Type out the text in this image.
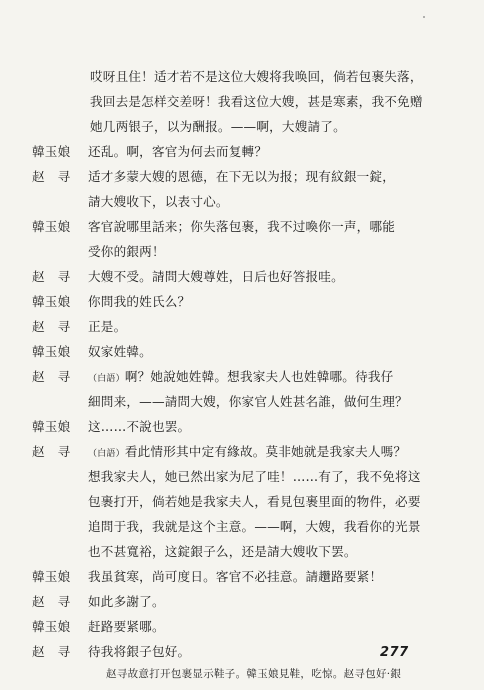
哎呀且住！适才若不是这位大嫂将我唤回，倘若包裹失落，
我回去是怎样交差呀！我看这位大嫂，甚是寒素，我不免赠
她几两银子，以为酬报。——啊，大嫂請了。
韓玉娘 还乱。啊，客官为何去而复轉？
赵　寻 适才多蒙大嫂的恩德，在下无以为报；现有紋銀一錠，
請大嫂收下，以表寸心。
韓玉娘 客官說哪里話来；你失落包裹，我不过喚你一声，哪能
受你的銀两！
赵　寻 大嫂不受。請問大嫂尊姓，日后也好答报哇。
韓玉娘 你問我的姓氏么？
赵　寻 正是。
韓玉娘 奴家姓韓。
赵　寻 （白語）啊？她說她姓韓。想我家夫人也姓韓哪。待我仔
細問来，——請問大嫂，你家官人姓甚名誰，做何生理？
韓玉娘 这……不說也罢。
赵　寻 （白語）看此情形其中定有緣故。莫非她就是我家夫人嗎？
想我家夫人，她已然出家为尼了哇！……有了，我不免将这
包裹打开，倘若她是我家夫人，看見包裹里面的物件，必要
追問于我，我就是这个主意。——啊，大嫂，我看你的光景
也不甚寬裕，这錠銀子么，还是請大嫂收下罢。
韓玉娘 我虽貧寒，尚可度日。客官不必挂意。請趲路要紧！
赵　寻 如此多謝了。
韓玉娘 赶路要紧哪。
赵　寻 待我将銀子包好。
赵寻故意打开包裹显示鞋子。韓玉娘見鞋，吃惊。赵寻包好·銀
277
